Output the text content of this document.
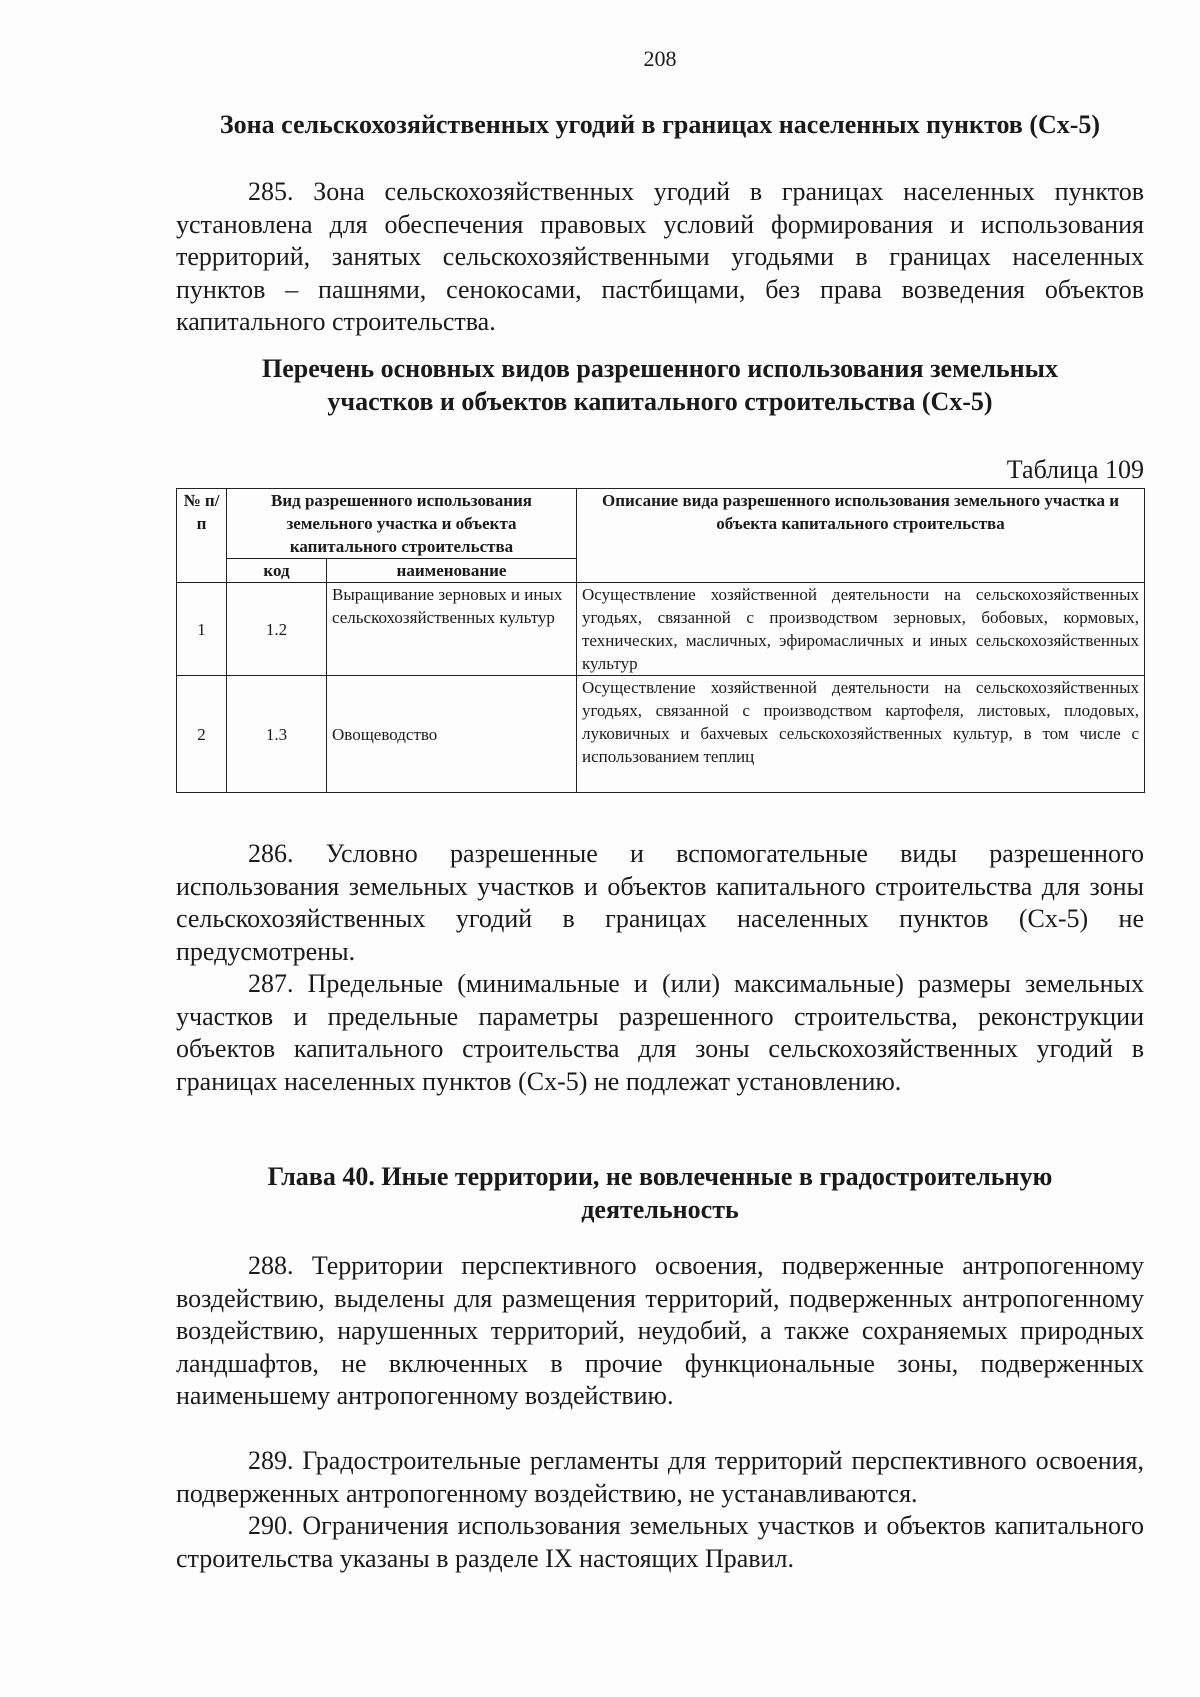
208
Зона сельскохозяйственных угодий в границах населенных пунктов (Сх-5)
285. Зона сельскохозяйственных угодий в границах населенных пунктов установлена для обеспечения правовых условий формирования и использования территорий, занятых сельскохозяйственными угодьями в границах населенных пунктов – пашнями, сенокосами, пастбищами, без права возведения объектов капитального строительства.
Перечень основных видов разрешенного использования земельных
участков и объектов капитального строительства (Сх-5)
Таблица 109
№ п/п	Вид разрешенного использования земельного участка и объекта капитального строительства		Описание вида разрешенного использования земельного участка и объекта капитального строительства
	код	наименование	
1	1.2	Выращивание зерновых и иных сельскохозяйственных культур	Осуществление хозяйственной деятельности на сельскохозяйственных угодьях, связанной с производством зерновых, бобовых, кормовых, технических, масличных, эфиромасличных и иных сельскохозяйственных культур
2	1.3	Овощеводство	Осуществление хозяйственной деятельности на сельскохозяйственных угодьях, связанной с производством картофеля, листовых, плодовых, луковичных и бахчевых сельскохозяйственных культур, в том числе с использованием теплиц
286. Условно разрешенные и вспомогательные виды разрешенного использования земельных участков и объектов капитального строительства для зоны сельскохозяйственных угодий в границах населенных пунктов (Сх-5) не предусмотрены.
287. Предельные (минимальные и (или) максимальные) размеры земельных участков и предельные параметры разрешенного строительства, реконструкции объектов капитального строительства для зоны сельскохозяйственных угодий в границах населенных пунктов (Сх-5) не подлежат установлению.
Глава 40. Иные территории, не вовлеченные в градостроительную
деятельность
288. Территории перспективного освоения, подверженные антропогенному воздействию, выделены для размещения территорий, подверженных антропогенному воздействию, нарушенных территорий, неудобий, а также сохраняемых природных ландшафтов, не включенных в прочие функциональные зоны, подверженных наименьшему антропогенному воздействию.
289. Градостроительные регламенты для территорий перспективного освоения, подверженных антропогенному воздействию, не устанавливаются.
290. Ограничения использования земельных участков и объектов капитального строительства указаны в разделе IX настоящих Правил.
